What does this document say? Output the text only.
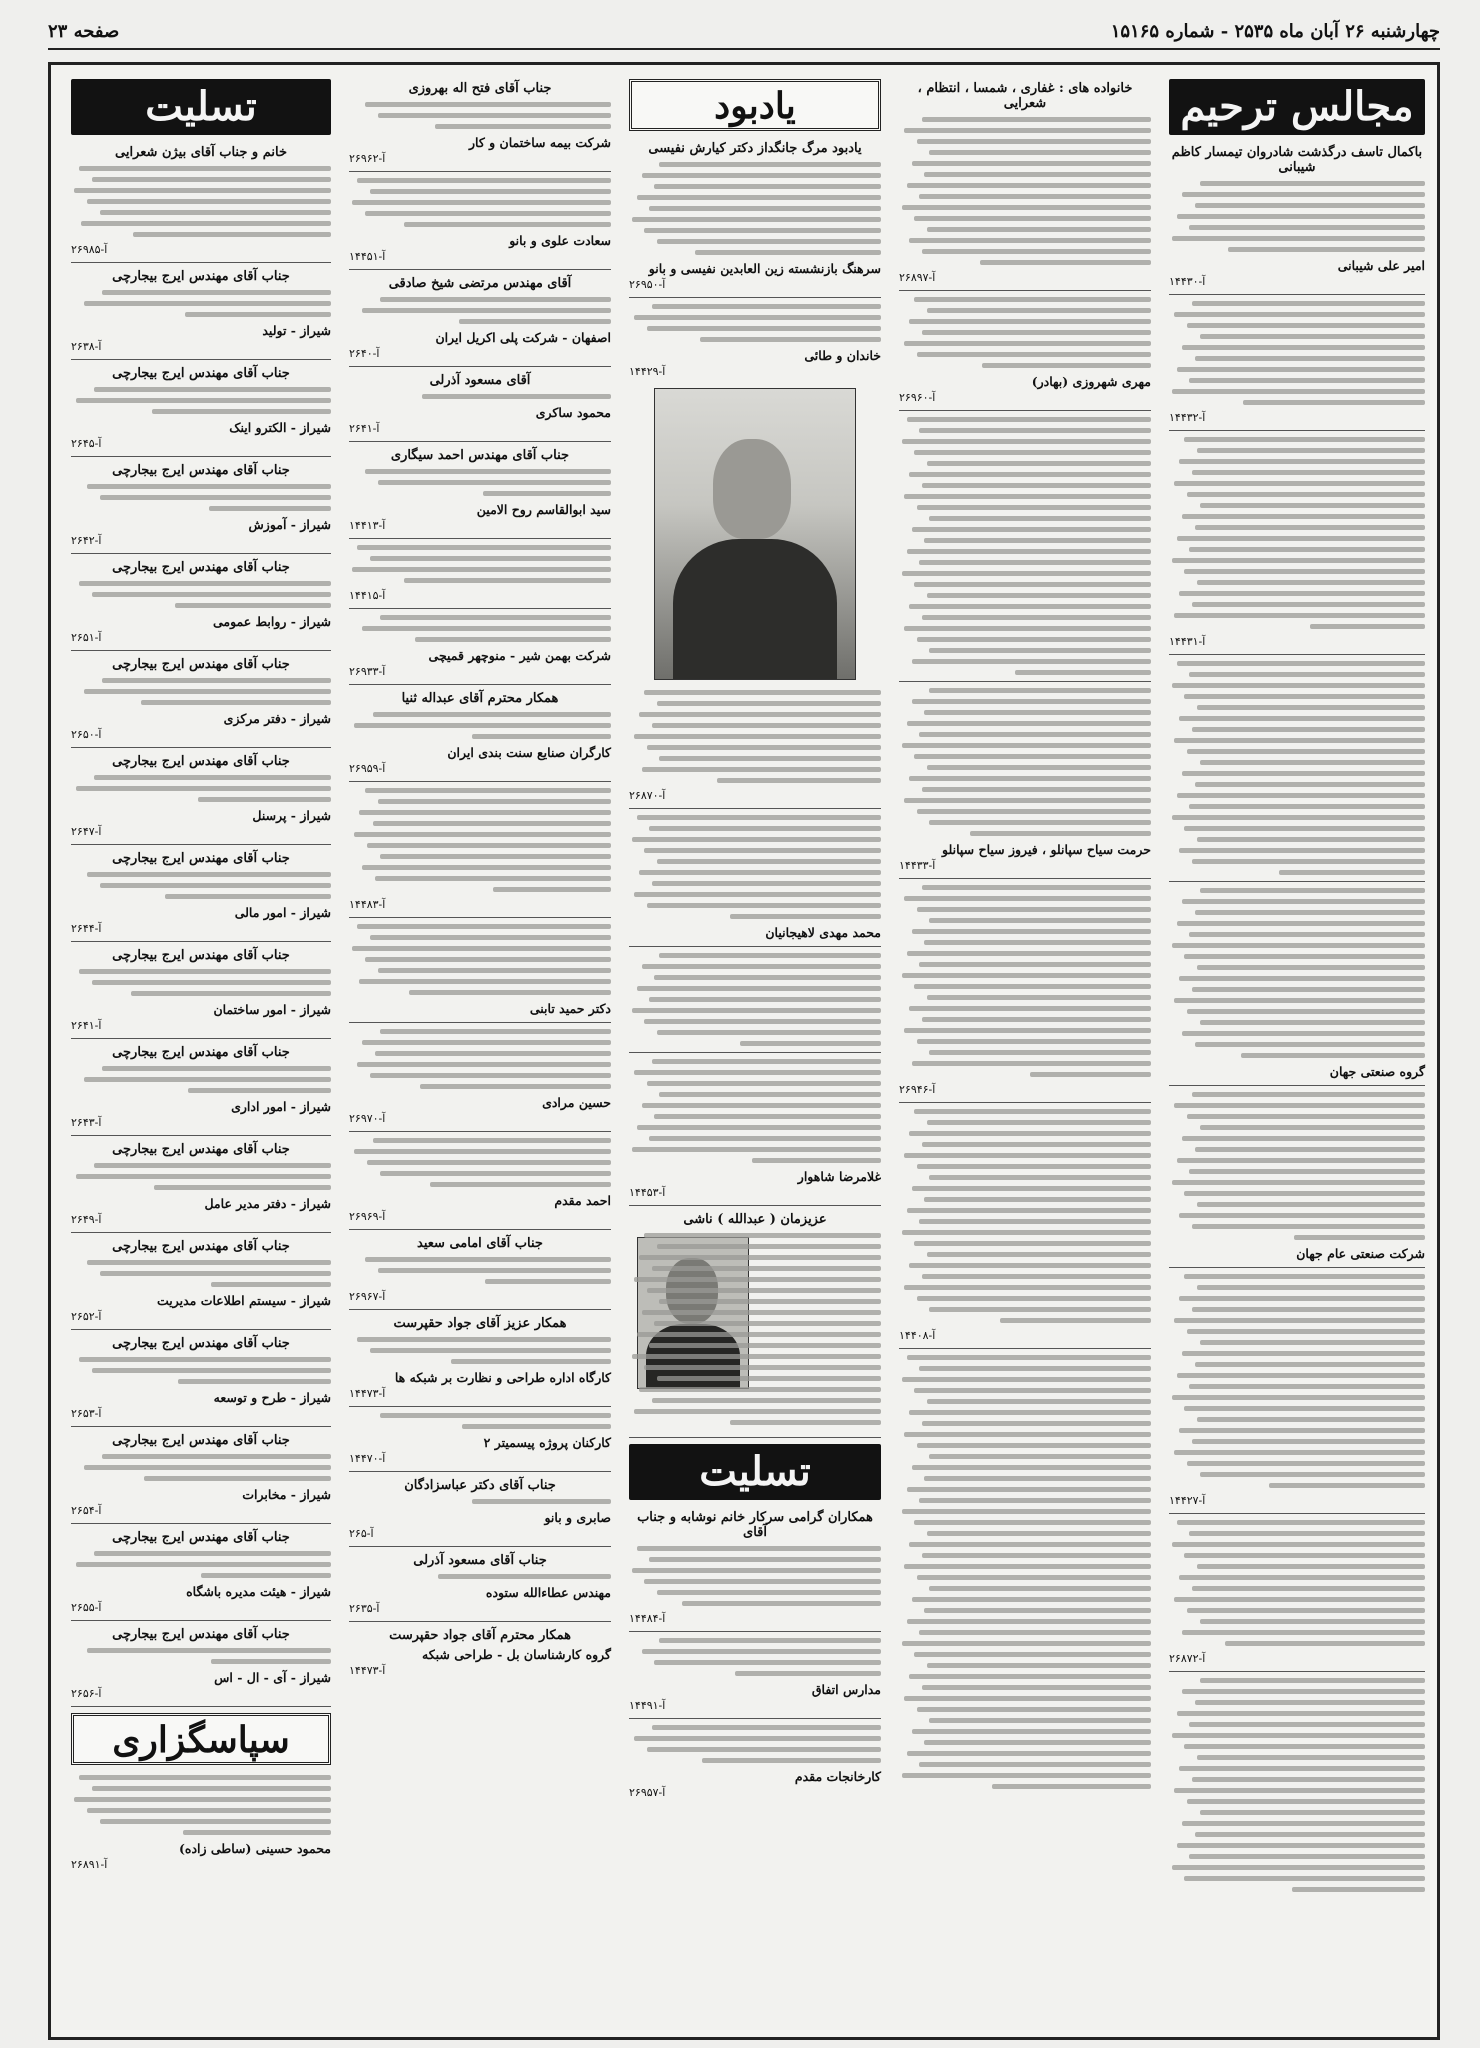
چهارشنبه ۲۶ آبان ماه ۲۵۳۵ - شماره ۱۵۱۶۵
صفحه ۲۳
مجالس ترحیم
باکمال تاسف درگذشت شادروان تیمسار کاظم شیبانی
امیر علی شیبانی
آ-۱۴۴۳۰
آ-۱۴۴۳۲
آ-۱۴۴۳۱
گروه صنعتی جهان
شرکت صنعتی عام جهان
آ-۱۴۴۲۷
آ-۲۶۸۷۲
خانواده های : غفاری ، شمسا ، انتظام ، شعرایی
آ-۲۶۸۹۷
مهری شهروزی (بهادر)
آ-۲۶۹۶۰
حرمت سیاح سپانلو ، فیروز سیاح سپانلو
آ-۱۴۴۳۳
آ-۲۶۹۴۶
آ-۱۴۴۰۸
یادبود
یادبود مرگ جانگداز دکتر کیارش نفیسی
سرهنگ بازنشسته زین العابدین نفیسی و بانو
آ-۲۶۹۵۰
خاندان و طائی
آ-۱۴۴۲۹
آ-۲۶۸۷۰
محمد مهدی لاهیجانیان
غلامرضا شاهوار
آ-۱۴۴۵۳
عزیزمان ( عبدالله ) ناشی
تسلیت
همکاران گرامی سرکار خانم نوشابه و جناب آقای
آ-۱۴۴۸۴
مدارس اتفاق
آ-۱۴۴۹۱
کارخانجات مقدم
آ-۲۶۹۵۷
جناب آقای فتح اله بهروزی
شرکت بیمه ساختمان و کار
آ-۲۶۹۶۲
سعادت علوی و بانو
آ-۱۴۴۵۱
آقای مهندس مرتضی شیخ صادقی
اصفهان - شرکت پلی اکریل ایران
آ-۲۶۴۰
آقای مسعود آذرلی
محمود ساکری
آ-۲۶۴۱
جناب آقای مهندس احمد سیگاری
سید ابوالقاسم روح الامین
آ-۱۴۴۱۳
آ-۱۴۴۱۵
شرکت بهمن شیر - منوچهر قمیچی
آ-۲۶۹۳۳
همکار محترم آقای عبداله ثنیا
کارگران صنایع سنت بندی ایران
آ-۲۶۹۵۹
آ-۱۴۴۸۳
دکتر حمید تابنی
حسین مرادی
آ-۲۶۹۷۰
احمد مقدم
آ-۲۶۹۶۹
جناب آقای امامی سعید
آ-۲۶۹۶۷
همکار عزیز آقای جواد حقپرست
کارگاه اداره طراحی و نظارت بر شبکه ها
آ-۱۴۴۷۳
کارکنان پروژه پیسمیتر ۲
آ-۱۴۴۷۰
جناب آقای دکتر عباسزادگان
صابری و بانو
آ-۲۶۵
جناب آقای مسعود آذرلی
مهندس عطاءالله ستوده
آ-۲۶۳۵
همکار محترم آقای جواد حقپرست
گروه کارشناسان بل - طراحی شبکه
آ-۱۴۴۷۳
تسلیت
خانم و جناب آقای بیژن شعرایی
آ-۲۶۹۸۵
جناب آقای مهندس ایرج بیجارچی
شیراز - تولید
آ-۲۶۳۸
جناب آقای مهندس ایرج بیجارچی
شیراز - الکترو اینک
آ-۲۶۴۵
جناب آقای مهندس ایرج بیجارچی
شیراز - آموزش
آ-۲۶۴۲
جناب آقای مهندس ایرج بیجارچی
شیراز - روابط عمومی
آ-۲۶۵۱
جناب آقای مهندس ایرج بیجارچی
شیراز - دفتر مرکزی
آ-۲۶۵۰
جناب آقای مهندس ایرج بیجارچی
شیراز - پرسنل
آ-۲۶۴۷
جناب آقای مهندس ایرج بیجارچی
شیراز - امور مالی
آ-۲۶۴۴
جناب آقای مهندس ایرج بیجارچی
شیراز - امور ساختمان
آ-۲۶۴۱
جناب آقای مهندس ایرج بیجارچی
شیراز - امور اداری
آ-۲۶۴۳
جناب آقای مهندس ایرج بیجارچی
شیراز - دفتر مدیر عامل
آ-۲۶۴۹
جناب آقای مهندس ایرج بیجارچی
شیراز - سیستم اطلاعات مدیریت
آ-۲۶۵۲
جناب آقای مهندس ایرج بیجارچی
شیراز - طرح و توسعه
آ-۲۶۵۳
جناب آقای مهندس ایرج بیجارچی
شیراز - مخابرات
آ-۲۶۵۴
جناب آقای مهندس ایرج بیجارچی
شیراز - هیئت مدیره باشگاه
آ-۲۶۵۵
جناب آقای مهندس ایرج بیجارچی
شیراز - آی - ال - اس
آ-۲۶۵۶
سپاسگزاری
محمود حسینی (ساطی زاده)
آ-۲۶۸۹۱
